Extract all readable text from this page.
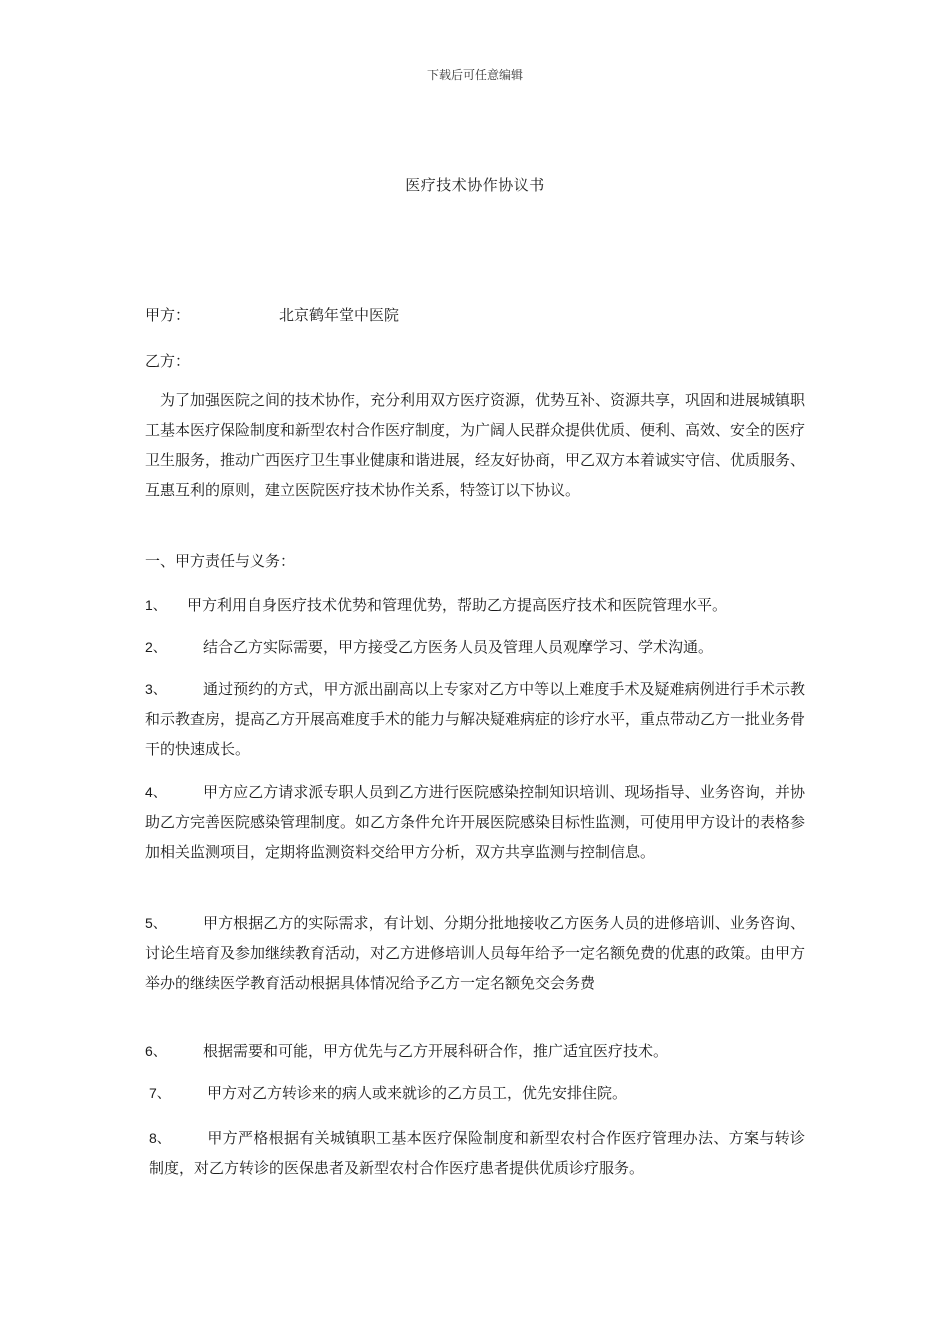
下载后可任意编辑
医疗技术协作协议书
甲方：	北京鹤年堂中医院
乙方：
为了加强医院之间的技术协作，充分利用双方医疗资源，优势互补、资源共享，巩固和进展城镇职工基本医疗保险制度和新型农村合作医疗制度，为广阔人民群众提供优质、便利、高效、安全的医疗卫生服务，推动广西医疗卫生事业健康和谐进展，经友好协商，甲乙双方本着诚实守信、优质服务、互惠互利的原则，建立医院医疗技术协作关系，特签订以下协议。
一、甲方责任与义务：
1、 甲方利用自身医疗技术优势和管理优势，帮助乙方提高医疗技术和医院管理水平。
2、 结合乙方实际需要，甲方接受乙方医务人员及管理人员观摩学习、学术沟通。
3、 通过预约的方式，甲方派出副高以上专家对乙方中等以上难度手术及疑难病例进行手术示教和示教查房，提高乙方开展高难度手术的能力与解决疑难病症的诊疗水平，重点带动乙方一批业务骨干的快速成长。
4、 甲方应乙方请求派专职人员到乙方进行医院感染控制知识培训、现场指导、业务咨询，并协助乙方完善医院感染管理制度。如乙方条件允许开展医院感染目标性监测，可使用甲方设计的表格参加相关监测项目，定期将监测资料交给甲方分析，双方共享监测与控制信息。
5、 甲方根据乙方的实际需求，有计划、分期分批地接收乙方医务人员的进修培训、业务咨询、讨论生培育及参加继续教育活动，对乙方进修培训人员每年给予一定名额免费的优惠的政策。由甲方举办的继续医学教育活动根据具体情况给予乙方一定名额免交会务费
6、 根据需要和可能，甲方优先与乙方开展科研合作，推广适宜医疗技术。
7、 甲方对乙方转诊来的病人或来就诊的乙方员工，优先安排住院。
8、 甲方严格根据有关城镇职工基本医疗保险制度和新型农村合作医疗管理办法、方案与转诊制度，对乙方转诊的医保患者及新型农村合作医疗患者提供优质诊疗服务。
